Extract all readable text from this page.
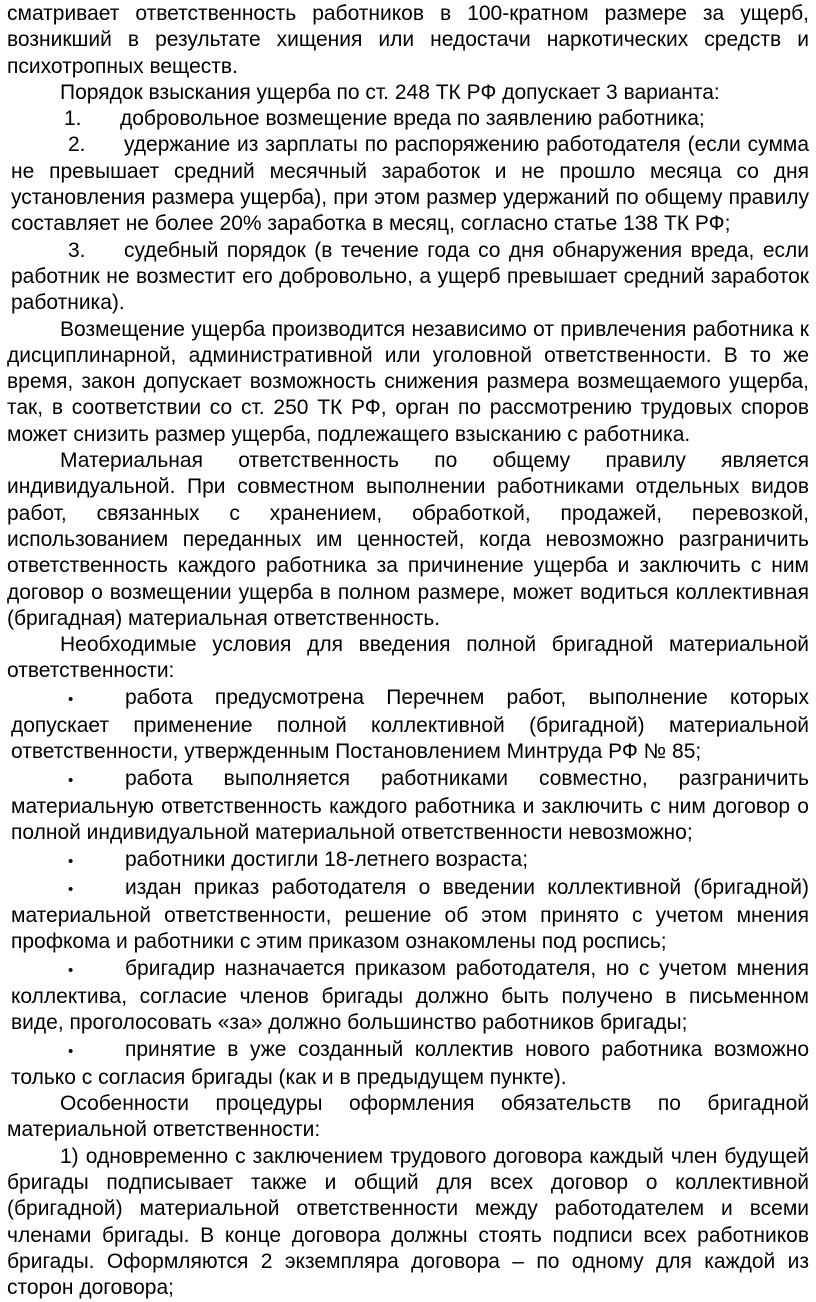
сматривает ответственность работников в 100-кратном размере за ущерб, возникший в результате хищения или недостачи наркотических средств и психотропных веществ.

Порядок взыскания ущерба по ст. 248 ТК РФ допускает 3 варианта:

1. добровольное возмещение вреда по заявлению работника;

2. удержание из зарплаты по распоряжению работодателя (если сумма не превышает средний месячный заработок и не прошло месяца со дня установления размера ущерба), при этом размер удержаний по общему правилу составляет не более 20% заработка в месяц, согласно статье 138 ТК РФ;

3. судебный порядок (в течение года со дня обнаружения вреда, если работник не возместит его добровольно, а ущерб превышает средний заработок работника).

Возмещение ущерба производится независимо от привлечения работника к дисциплинарной, административной или уголовной ответственности. В то же время, закон допускает возможность снижения размера возмещаемого ущерба, так, в соответствии со ст. 250 ТК РФ, орган по рассмотрению трудовых споров может снизить размер ущерба, подлежащего взысканию с работника.

Материальная ответственность по общему правилу является индивидуальной. При совместном выполнении работниками отдельных видов работ, связанных с хранением, обработкой, продажей, перевозкой, использованием переданных им ценностей, когда невозможно разграничить ответственность каждого работника за причинение ущерба и заключить с ним договор о возмещении ущерба в полном размере, может водиться коллективная (бригадная) материальная ответственность.

Необходимые условия для введения полной бригадной материальной ответственности:

• работа предусмотрена Перечнем работ, выполнение которых допускает применение полной коллективной (бригадной) материальной ответственности, утвержденным Постановлением Минтруда РФ № 85;

• работа выполняется работниками совместно, разграничить материальную ответственность каждого работника и заключить с ним договор о полной индивидуальной материальной ответственности невозможно;

• работники достигли 18-летнего возраста;

• издан приказ работодателя о введении коллективной (бригадной) материальной ответственности, решение об этом принято с учетом мнения профкома и работники с этим приказом ознакомлены под роспись;

• бригадир назначается приказом работодателя, но с учетом мнения коллектива, согласие членов бригады должно быть получено в письменном виде, проголосовать «за» должно большинство работников бригады;

• принятие в уже созданный коллектив нового работника возможно только с согласия бригады (как и в предыдущем пункте).

Особенности процедуры оформления обязательств по бригадной материальной ответственности:

1) одновременно с заключением трудового договора каждый член будущей бригады подписывает также и общий для всех договор о коллективной (бригадной) материальной ответственности между работодателем и всеми членами бригады. В конце договора должны стоять подписи всех работников бригады. Оформляются 2 экземпляра договора – по одному для каждой из сторон договора;
